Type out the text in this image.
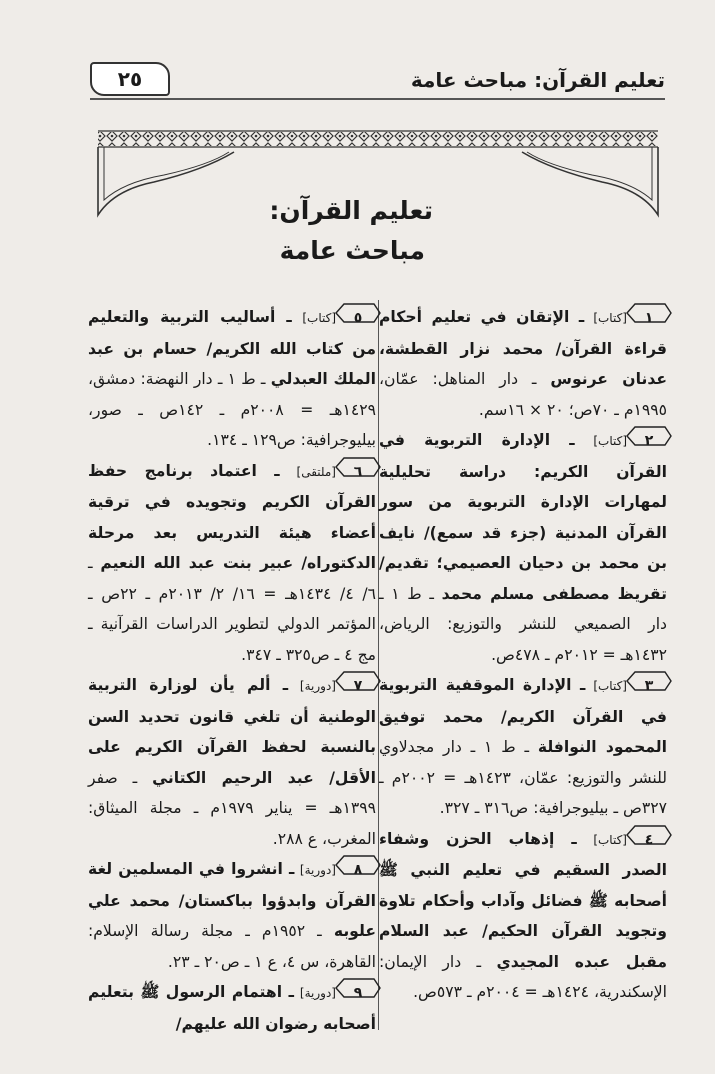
٢٥	تعليم القرآن: مباحث عامة
تعليم القرآن:
مباحث عامة

١
[كتاب] ـ الإتقان في تعليم أحكام قراءة القرآن/ محمد نزار القطشة، عدنان عرنوس ـ دار المناهل: عمّان، ١٩٩٥م ـ ٧٠ص؛ ٢٠ × ١٦سم.

٢
[كتاب] ـ الإدارة التربوية في القرآن الكريم: دراسة تحليلية لمهارات الإدارة التربوية من سور القرآن المدنية (جزء قد سمع)/ نايف بن محمد بن دحيان العصيمي؛ تقديم/تقريظ مصطفى مسلم محمد ـ ط ١ ـ دار الصميعي للنشر والتوزيع: الرياض، ١٤٣٢هـ = ٢٠١٢م ـ ٤٧٨ص.

٣
[كتاب] ـ الإدارة الموقفية التربوية في القرآن الكريم/ محمد توفيق المحمود النوافلة ـ ط ١ ـ دار مجدلاوي للنشر والتوزيع: عمّان، ١٤٢٣هـ = ٢٠٠٢م ـ ٣٢٧ص ـ بيليوجرافية: ص٣١٦ ـ ٣٢٧.

٤
[كتاب] ـ إذهاب الحزن وشفاء الصدر السقيم في تعليم النبي ﷺ أصحابه ﷺ فضائل وآداب وأحكام تلاوة وتجويد القرآن الحكيم/ عبد السلام مقبل عبده المجيدي ـ دار الإيمان: الإسكندرية، ١٤٢٤هـ = ٢٠٠٤م ـ ٥٧٣ص.

٥
[كتاب] ـ أساليب التربية والتعليم من كتاب الله الكريم/ حسام بن عبد الملك العبدلي ـ ط ١ ـ دار النهضة: دمشق، ١٤٢٩هـ = ٢٠٠٨م ـ ١٤٢ص ـ صور، بيليوجرافية: ص١٢٩ ـ ١٣٤.

٦
[ملتقى] ـ اعتماد برنامج حفظ القرآن الكريم وتجويده في ترقية أعضاء هيئة التدريس بعد مرحلة الدكتوراه/ عبير بنت عبد الله النعيم ـ ٦/ ٤/ ١٤٣٤هـ = ١٦/ ٢/ ٢٠١٣م ـ ٢٢ص ـ المؤتمر الدولي لتطوير الدراسات القرآنية ـ مج ٤ ـ ص٣٢٥ ـ ٣٤٧.

٧
[دورية] ـ ألم يأن لوزارة التربية الوطنية أن تلغي قانون تحديد السن بالنسبة لحفظ القرآن الكريم على الأقل/ عبد الرحيم الكتاني ـ صفر ١٣٩٩هـ = يناير ١٩٧٩م ـ مجلة الميثاق: المغرب، ع ٢٨٨.

٨
[دورية] ـ انشروا في المسلمين لغة القرآن وابدؤوا بباكستان/ محمد علي علوبه ـ ١٩٥٢م ـ مجلة رسالة الإسلام: القاهرة، س ٤، ع ١ ـ ص٢٠ ـ ٢٣.

٩
[دورية] ـ اهتمام الرسول ﷺ بتعليم أصحابه رضوان الله عليهم/
